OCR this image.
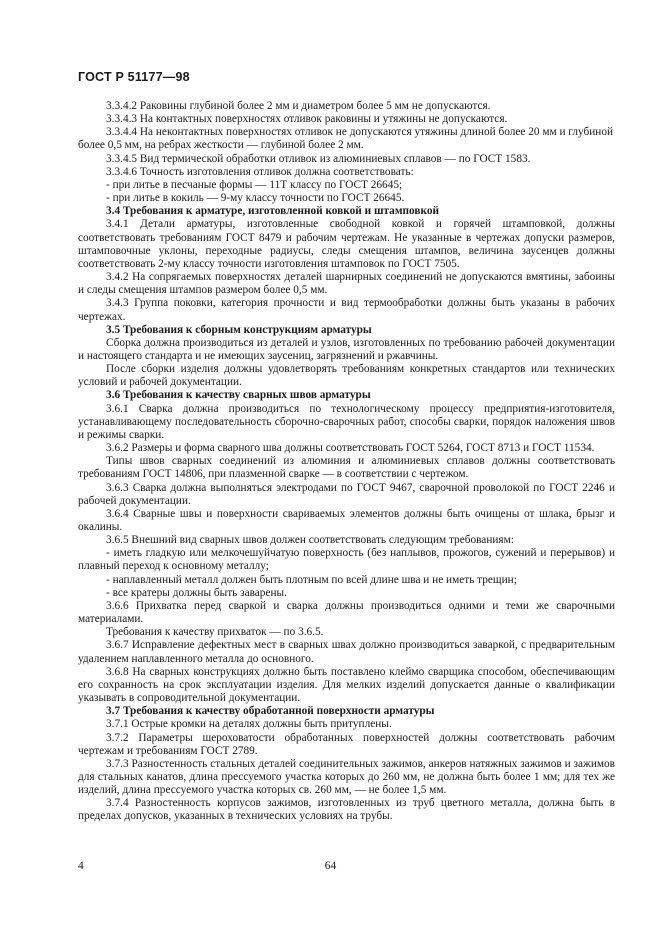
ГОСТ Р 51177—98

3.3.4.2 Раковины глубиной более 2 мм и диаметром более 5 мм не допускаются.

3.3.4.3 На контактных поверхностях отливок раковины и утяжины не допускаются.

3.3.4.4 На неконтактных поверхностях отливок не допускаются утяжины длиной более 20 мм и глубиной более 0,5 мм, на ребрах жесткости — глубиной более 2 мм.

3.3.4.5 Вид термической обработки отливок из алюминиевых сплавов — по ГОСТ 1583.

3.3.4.6 Точность изготовления отливок должна соответствовать:

- при литье в песчаные формы — 11Т классу по ГОСТ 26645;

- при литье в кокиль — 9-му классу точности по ГОСТ 26645.

3.4 Требования к арматуре, изготовленной ковкой и штамповкой

3.4.1 Детали арматуры, изготовленные свободной ковкой и горячей штамповкой, должны соответствовать требованиям ГОСТ 8479 и рабочим чертежам. Не указанные в чертежах допуски размеров, штамповочные уклоны, переходные радиусы, следы смещения штампов, величина заусенцев должны соответствовать 2-му классу точности изготовления штамповок по ГОСТ 7505.

3.4.2 На сопрягаемых поверхностях деталей шарнирных соединений не допускаются вмятины, забоины и следы смещения штампов размером более 0,5 мм.

3.4.3 Группа поковки, категория прочности и вид термообработки должны быть указаны в рабочих чертежах.

3.5 Требования к сборным конструкциям арматуры

Сборка должна производиться из деталей и узлов, изготовленных по требованию рабочей документации и настоящего стандарта и не имеющих заусениц, загрязнений и ржавчины.

После сборки изделия должны удовлетворять требованиям конкретных стандартов или технических условий и рабочей документации.

3.6 Требования к качеству сварных швов арматуры

3.6.1 Сварка должна производиться по технологическому процессу предприятия-изготовителя, устанавливающему последовательность сборочно-сварочных работ, способы сварки, порядок наложения швов и режимы сварки.

3.6.2 Размеры и форма сварного шва должны соответствовать ГОСТ 5264, ГОСТ 8713 и ГОСТ 11534.

Типы швов сварных соединений из алюминия и алюминиевых сплавов должны соответствовать требованиям ГОСТ 14806, при плазменной сварке — в соответствии с чертежом.

3.6.3 Сварка должна выполняться электродами по ГОСТ 9467, сварочной проволокой по ГОСТ 2246 и рабочей документации.

3.6.4 Сварные швы и поверхности свариваемых элементов должны быть очищены от шлака, брызг и окалины.

3.6.5 Внешний вид сварных швов должен соответствовать следующим требованиям:

- иметь гладкую или мелкочешуйчатую поверхность (без наплывов, прожогов, сужений и перерывов) и плавный переход к основному металлу;

- наплавленный металл должен быть плотным по всей длине шва и не иметь трещин;

- все кратеры должны быть заварены.

3.6.6 Прихватка перед сваркой и сварка должны производиться одними и теми же сварочными материалами.

Требования к качеству прихваток — по 3.6.5.

3.6.7 Исправление дефектных мест в сварных швах должно производиться заваркой, с предварительным удалением наплавленного металла до основного.

3.6.8 На сварных конструкциях должно быть поставлено клеймо сварщика способом, обеспечивающим его сохранность на срок эксплуатации изделия. Для мелких изделий допускается данные о квалификации указывать в сопроводительной документации.

3.7 Требования к качеству обработанной поверхности арматуры

3.7.1 Острые кромки на деталях должны быть притуплены.

3.7.2 Параметры шероховатости обработанных поверхностей должны соответствовать рабочим чертежам и требованиям ГОСТ 2789.

3.7.3 Разностенность стальных деталей соединительных зажимов, анкеров натяжных зажимов и зажимов для стальных канатов, длина прессуемого участка которых до 260 мм, не должна быть более 1 мм; для тех же изделий, длина прессуемого участка которых св. 260 мм, — не более 1,5 мм.

3.7.4 Разностенность корпусов зажимов, изготовленных из труб цветного металла, должна быть в пределах допусков, указанных в технических условиях на трубы.

4	64
